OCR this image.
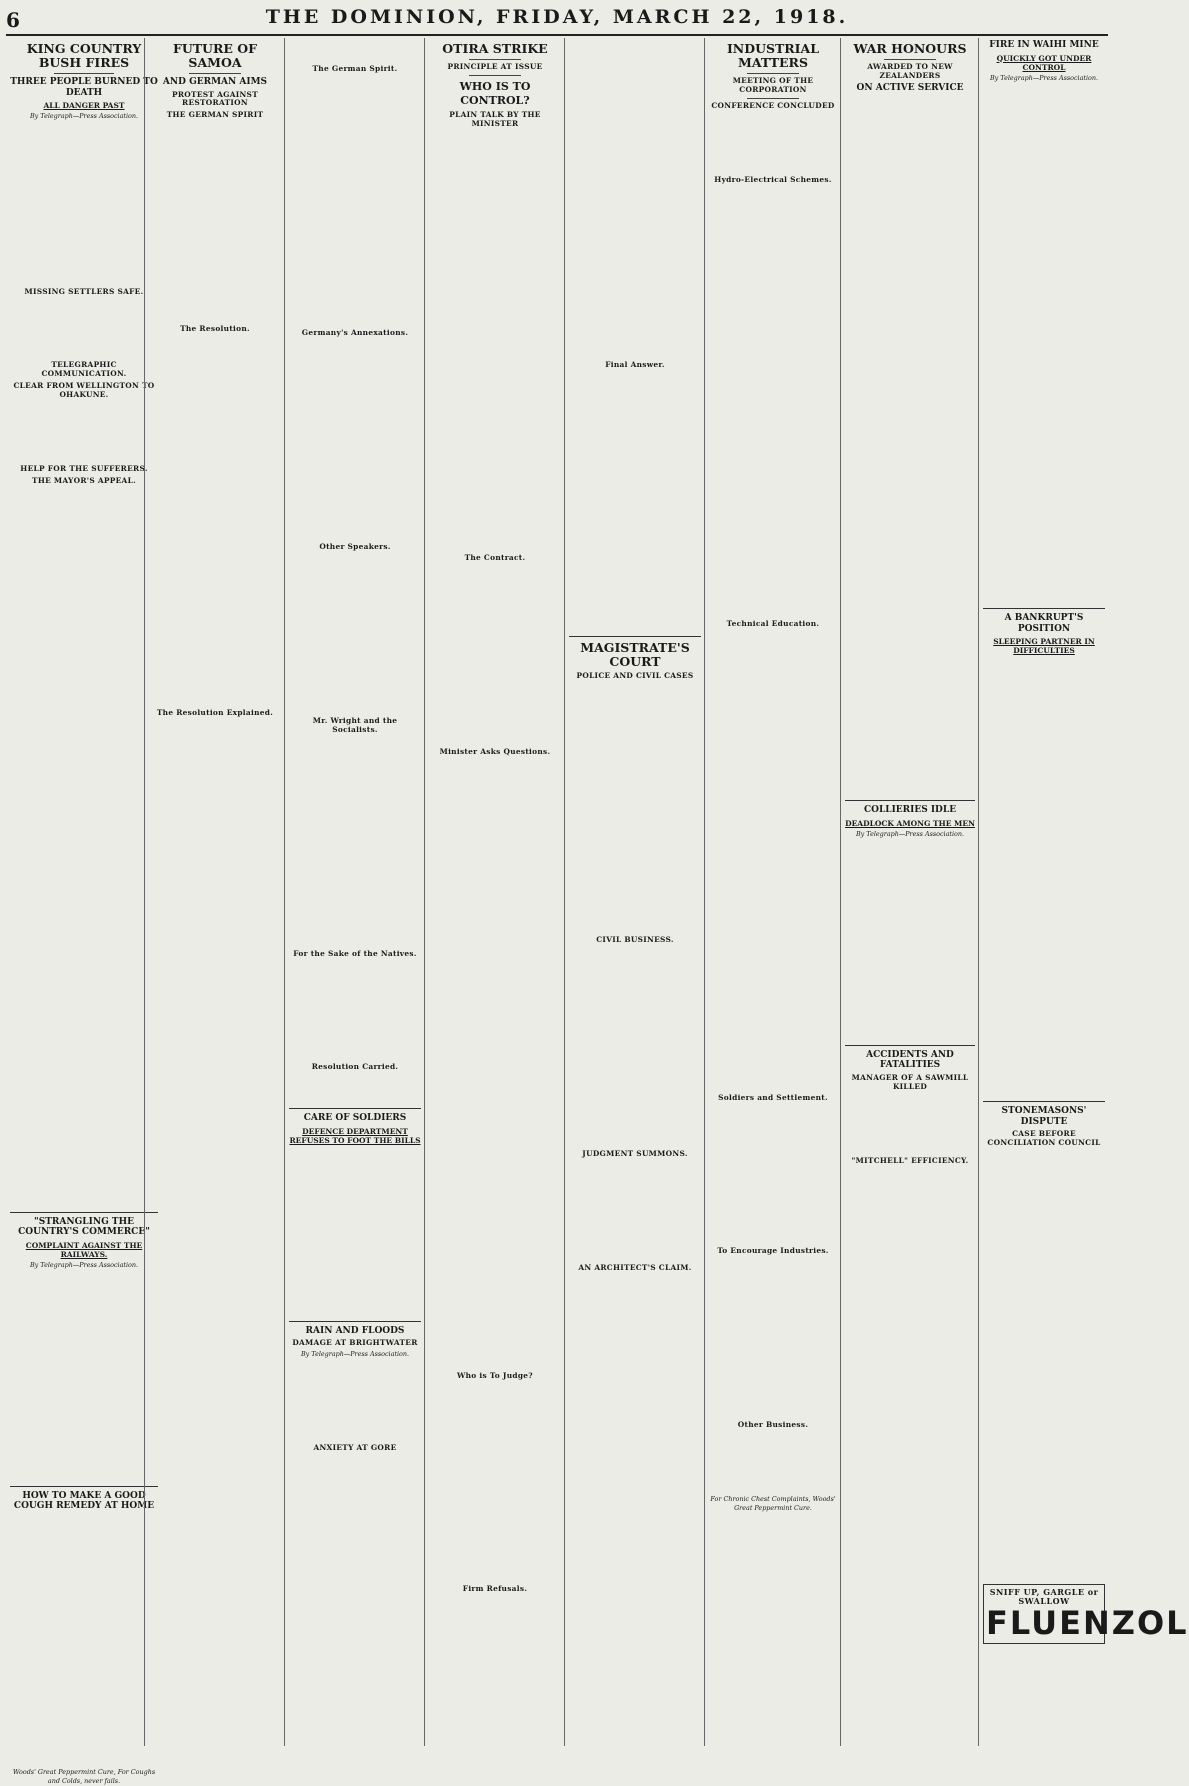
6	THE DOMINION, FRIDAY, MARCH 22, 1918.
KING COUNTRY BUSH FIRES
THREE PEOPLE BURNED TO DEATH
ALL DANGER PAST
By Telegraph—Press Association.

MISSING SETTLERS SAFE.
TELEGRAPHIC COMMUNICATION.
CLEAR FROM WELLINGTON TO OHAKUNE.
HELP FOR THE SUFFERERS.
THE MAYOR'S APPEAL.
"STRANGLING THE COUNTRY'S COMMERCE"
COMPLAINT AGAINST THE RAILWAYS.
By Telegraph—Press Association.
HOW TO MAKE A GOOD COUGH REMEDY AT HOME
Woods' Great Peppermint Cure, For Coughs and Colds, never fails.
FUTURE OF SAMOA
AND GERMAN AIMS
PROTEST AGAINST RESTORATION
THE GERMAN SPIRIT
The Resolution.
The Resolution Explained.
The German Spirit.
Germany's Annexations.
Other Speakers.
Mr. Wright and the Socialists.
For the Sake of the Natives.
Resolution Carried.
CARE OF SOLDIERS
DEFENCE DEPARTMENT REFUSES TO FOOT THE BILLS
RAIN AND FLOODS
DAMAGE AT BRIGHTWATER
By Telegraph—Press Association.
ANXIETY AT GORE
OTIRA STRIKE
PRINCIPLE AT ISSUE
WHO IS TO CONTROL?
PLAIN TALK BY THE MINISTER
The Contract.
Minister Asks Questions.
Who is To Judge?
Firm Refusals.
Final Answer.
MAGISTRATE'S COURT
POLICE AND CIVIL CASES
CIVIL BUSINESS.
JUDGMENT SUMMONS.
AN ARCHITECT'S CLAIM.
INDUSTRIAL MATTERS
MEETING OF THE CORPORATION
CONFERENCE CONCLUDED
Hydro-Electrical Schemes.
Technical Education.
Soldiers and Settlement.
To Encourage Industries.
Other Business.
For Chronic Chest Complaints, Woods' Great Peppermint Cure.
WAR HONOURS
AWARDED TO NEW ZEALANDERS
ON ACTIVE SERVICE
COLLIERIES IDLE
DEADLOCK AMONG THE MEN
By Telegraph—Press Association.
ACCIDENTS AND FATALITIES
MANAGER OF A SAWMILL KILLED
"MITCHELL" EFFICIENCY.
FIRE IN WAIHI MINE
QUICKLY GOT UNDER CONTROL
By Telegraph—Press Association.
A BANKRUPT'S POSITION
SLEEPING PARTNER IN DIFFICULTIES
STONEMASONS' DISPUTE
CASE BEFORE CONCILIATION COUNCIL
SNIFF UP, GARGLE or SWALLOW
FLUENZOL
